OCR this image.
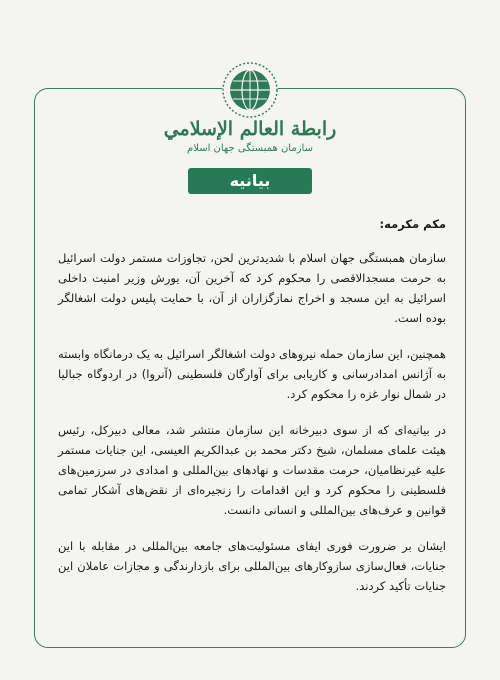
رابطة العالم الإسلامي
سازمان همبستگی جهان اسلام
بیانیه

مکم مکرمه:

سازمان همبستگی جهان اسلام با شدیدترین لحن، تجاوزات مستمر دولت اسرائیل به حرمت مسجدالاقصی را محکوم کرد که آخرین آن، یورش وزیر امنیت داخلی اسرائیل به این مسجد و اخراج نمازگزاران از آن، با حمایت پلیس دولت اشغالگر بوده است.

همچنین، این سازمان حمله نیروهای دولت اشغالگر اسرائیل به یک درمانگاه وابسته به آژانس امدادرسانی و کاریابی برای آوارگان فلسطینی (آنروا) در اردوگاه جبالیا در شمال نوار غزه را محکوم کرد.

در بیانیه‌ای که از سوی دبیرخانه این سازمان منتشر شد، معالی دبیرکل، رئیس هیئت علمای مسلمان، شیخ دکتر محمد بن عبدالکریم العیسی، این جنایات مستمر علیه غیرنظامیان، حرمت مقدسات و نهادهای بین‌المللی و امدادی در سرزمین‌های فلسطینی را محکوم کرد و این اقدامات را زنجیره‌ای از نقض‌های آشکار تمامی قوانین و عرف‌های بین‌المللی و انسانی دانست.

ایشان بر ضرورت فوری ایفای مسئولیت‌های جامعه بین‌المللی در مقابله با این جنایات، فعال‌سازی سازوکارهای بین‌المللی برای بازدارندگی و مجازات عاملان این جنایات تأکید کردند.
